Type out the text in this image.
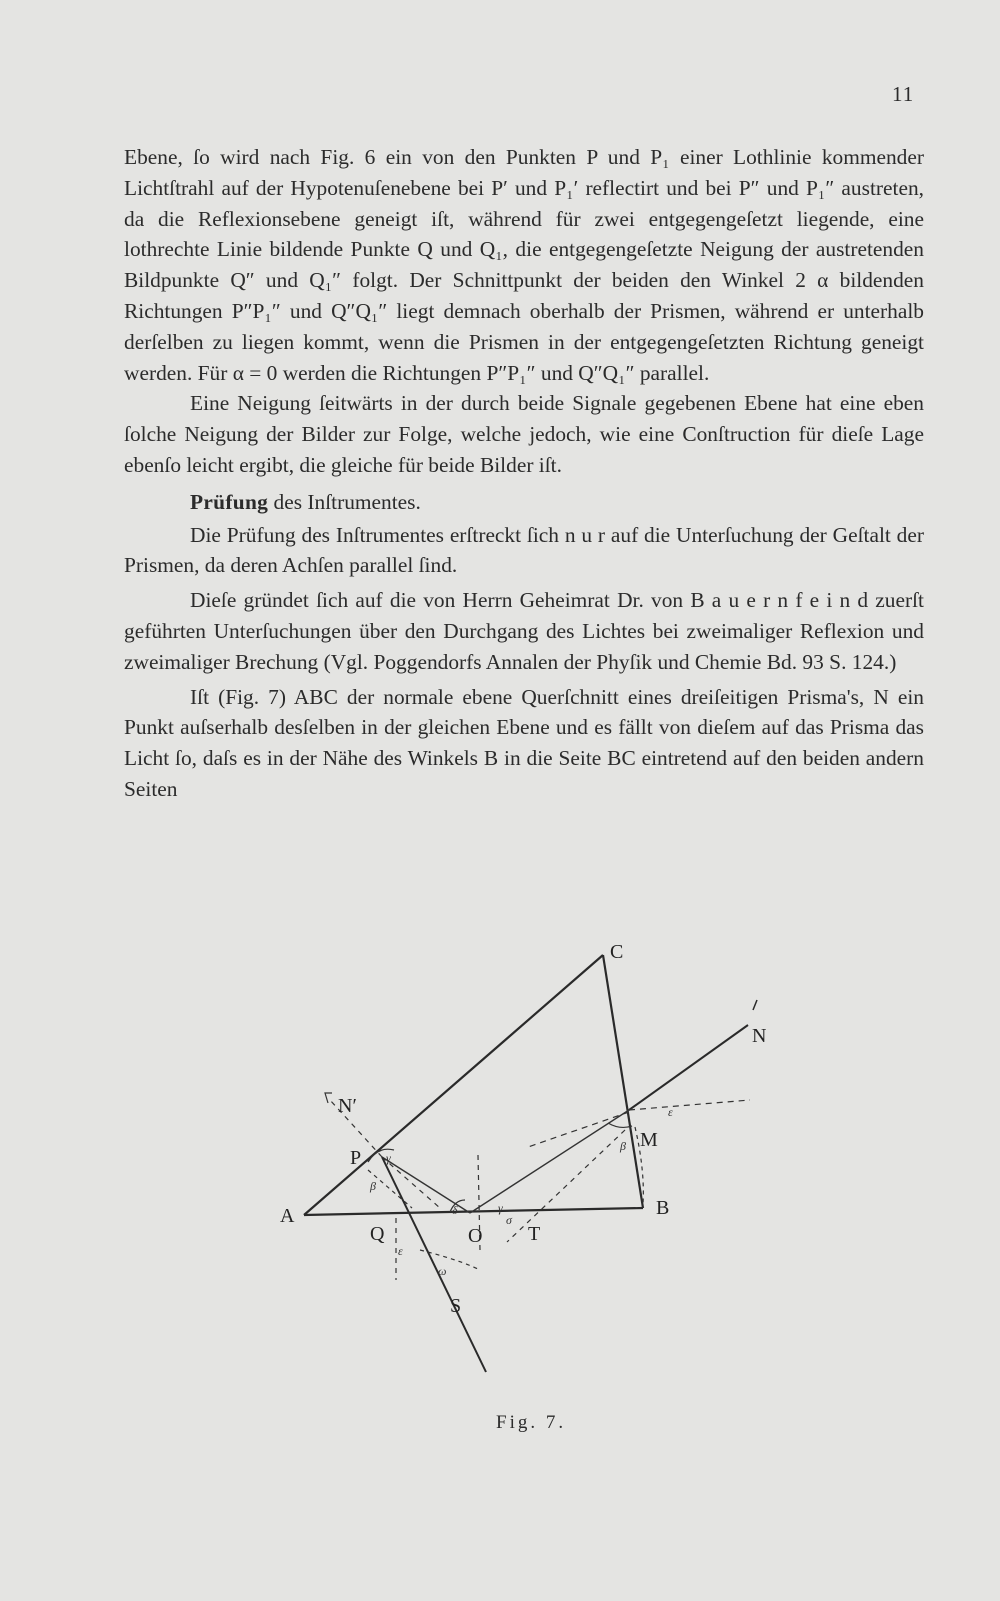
11

Ebene, ſo wird nach Fig. 6 ein von den Punkten P und P₁ einer Lothlinie kommender Lichtſtrahl auf der Hypotenuſenebene bei P′ und P₁′ reflectirt und bei P″ und P₁″ austreten, da die Reflexionsebene geneigt iſt, während für zwei entgegengeſetzt liegende, eine lothrechte Linie bildende Punkte Q und Q₁, die entgegengeſetzte Neigung der austretenden Bildpunkte Q″ und Q₁″ folgt. Der Schnittpunkt der beiden den Winkel 2 α bildenden Richtungen P″P₁″ und Q″Q₁″ liegt demnach oberhalb der Prismen, während er unterhalb derſelben zu liegen kommt, wenn die Prismen in der entgegengeſetzten Richtung geneigt werden. Für α = 0 werden die Richtungen P″P₁″ und Q″Q₁″ parallel.

Eine Neigung ſeitwärts in der durch beide Signale gegebenen Ebene hat eine eben ſolche Neigung der Bilder zur Folge, welche jedoch, wie eine Conſtruction für dieſe Lage ebenſo leicht ergibt, die gleiche für beide Bilder iſt.

Prüfung des Inſtrumentes.

Die Prüfung des Inſtrumentes erſtreckt ſich n u r auf die Unterſuchung der Geſtalt der Prismen, da deren Achſen parallel ſind.

Dieſe gründet ſich auf die von Herrn Geheimrat Dr. von B a u e r n f e i n d zuerſt geführten Unterſuchungen über den Durchgang des Lichtes bei zweimaliger Reflexion und zweimaliger Brechung (Vgl. Poggendorfs Annalen der Phyſik und Chemie Bd. 93 S. 124.)

Iſt (Fig. 7) ABC der normale ebene Querſchnitt eines dreiſeitigen Prisma's, N ein Punkt auſserhalb desſelben in der gleichen Ebene und es fällt von dieſem auf das Prisma das Licht ſo, daſs es in der Nähe des Winkels B in die Seite BC eintretend auf den beiden andern Seiten

A	B
C
N
N′
P
M
Q	O T
S
β
β
γ
γ
δ
ε
ε
ω
σ
Fig. 7.
